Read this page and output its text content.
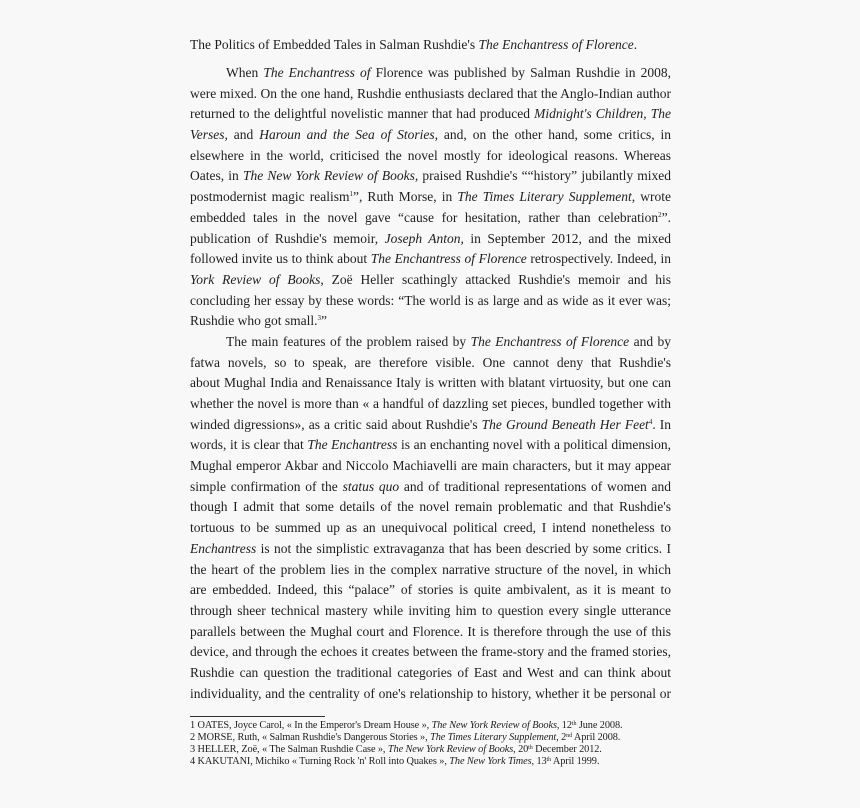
The Politics of Embedded Tales in Salman Rushdie's The Enchantress of Florence.
When The Enchantress of Florence was published by Salman Rushdie in 2008,
were mixed. On the one hand, Rushdie enthusiasts declared that the Anglo-Indian author
returned to the delightful novelistic manner that had produced Midnight's Children, The
Verses, and Haroun and the Sea of Stories, and, on the other hand, some critics, in
elsewhere in the world, criticised the novel mostly for ideological reasons. Whereas
Oates, in The New York Review of Books, praised Rushdie's ““history” jubilantly mixed
postmodernist magic realism$^1$”, Ruth Morse, in The Times Literary Supplement, wrote
embedded tales in the novel gave “cause for hesitation, rather than celebration$^2$”.
publication of Rushdie's memoir, Joseph Anton, in September 2012, and the mixed
followed invite us to think about The Enchantress of Florence retrospectively. Indeed, in
York Review of Books, Zoë Heller scathingly attacked Rushdie's memoir and his
concluding her essay by these words: “The world is as large and as wide as it ever was;
Rushdie who got small.$^3$”
The main features of the problem raised by The Enchantress of Florence and by
fatwa novels, so to speak, are therefore visible. One cannot deny that Rushdie's
about Mughal India and Renaissance Italy is written with blatant virtuosity, but one can
whether the novel is more than « a handful of dazzling set pieces, bundled together with
winded digressions», as a critic said about Rushdie's The Ground Beneath Her Feet$^4$. In
words, it is clear that The Enchantress is an enchanting novel with a political dimension,
Mughal emperor Akbar and Niccolo Machiavelli are main characters, but it may appear
simple confirmation of the status quo and of traditional representations of women and
though I admit that some details of the novel remain problematic and that Rushdie's
tortuous to be summed up as an unequivocal political creed, I intend nonetheless to
Enchantress is not the simplistic extravaganza that has been descried by some critics. I
the heart of the problem lies in the complex narrative structure of the novel, in which
are embedded. Indeed, this “palace” of stories is quite ambivalent, as it is meant to
through sheer technical mastery while inviting him to question every single utterance
parallels between the Mughal court and Florence. It is therefore through the use of this
device, and through the echoes it creates between the frame-story and the framed stories,
Rushdie can question the traditional categories of East and West and can think about
individuality, and the centrality of one's relationship to history, whether it be personal or
1 OATES, Joyce Carol, « In the Emperor's Dream House », The New York Review of Books, 12th June 2008.
2 MORSE, Ruth, « Salman Rushdie's Dangerous Stories », The Times Literary Supplement, 2nd April 2008.
3 HELLER, Zoë, « The Salman Rushdie Case », The New York Review of Books, 20th December 2012.
4 KAKUTANI, Michiko « Turning Rock 'n' Roll into Quakes », The New York Times, 13th April 1999.
